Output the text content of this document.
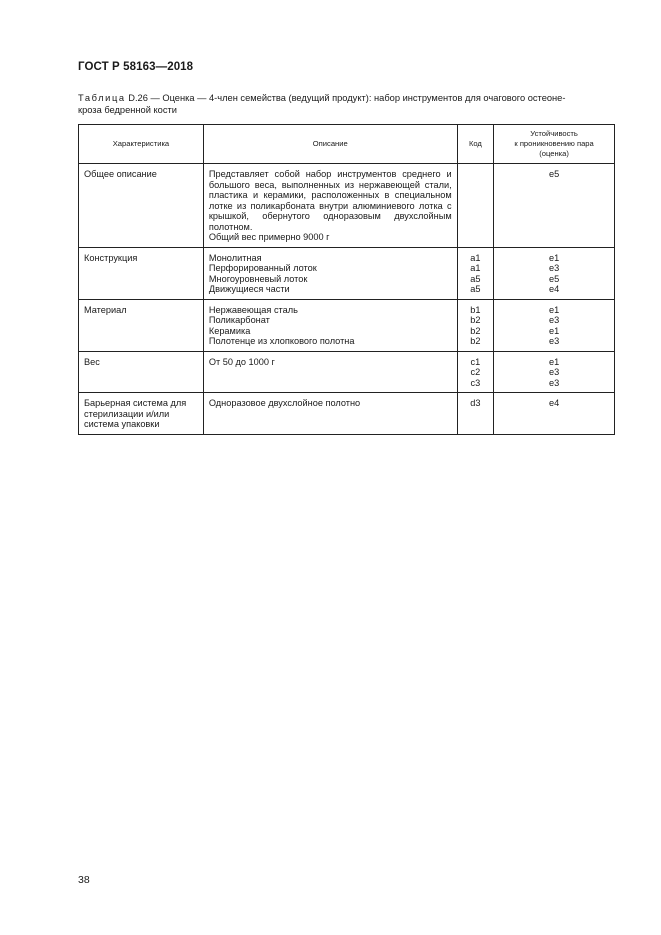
ГОСТ Р 58163—2018
Таблица D.26 — Оценка — 4-член семейства (ведущий продукт): набор инструментов для очагового остеоне-
кроза бедренной кости
Характеристика	Описание	Код	Устойчивость
к проникновению пара
(оценка)

Общее описание	Представляет собой набор инструментов среднего и большого веса, выполненных из нержавеющей стали, пластика и керамики, расположенных в специальном лотке из поликарбоната внутри алюминиевого лотка с крышкой, обернутого одноразовым двухслойным полотном.
Общий вес примерно 9000 г		e5

Конструкция	Монолитная
Перфорированный лоток
Многоуровневый лоток
Движущиеся части	a1
a1
a5
a5	e1
e3
e5
e4

Материал	Нержавеющая сталь
Поликарбонат
Керамика
Полотенце из хлопкового полотна	b1
b2
b2
b2	e1
e3
e1
e3

Вес	От 50 до 1000 г	c1
c2
c3	e1
e3
e3

Барьерная система для стерилизации и/или система упаковки	Одноразовое двухслойное полотно	d3	e4
38
